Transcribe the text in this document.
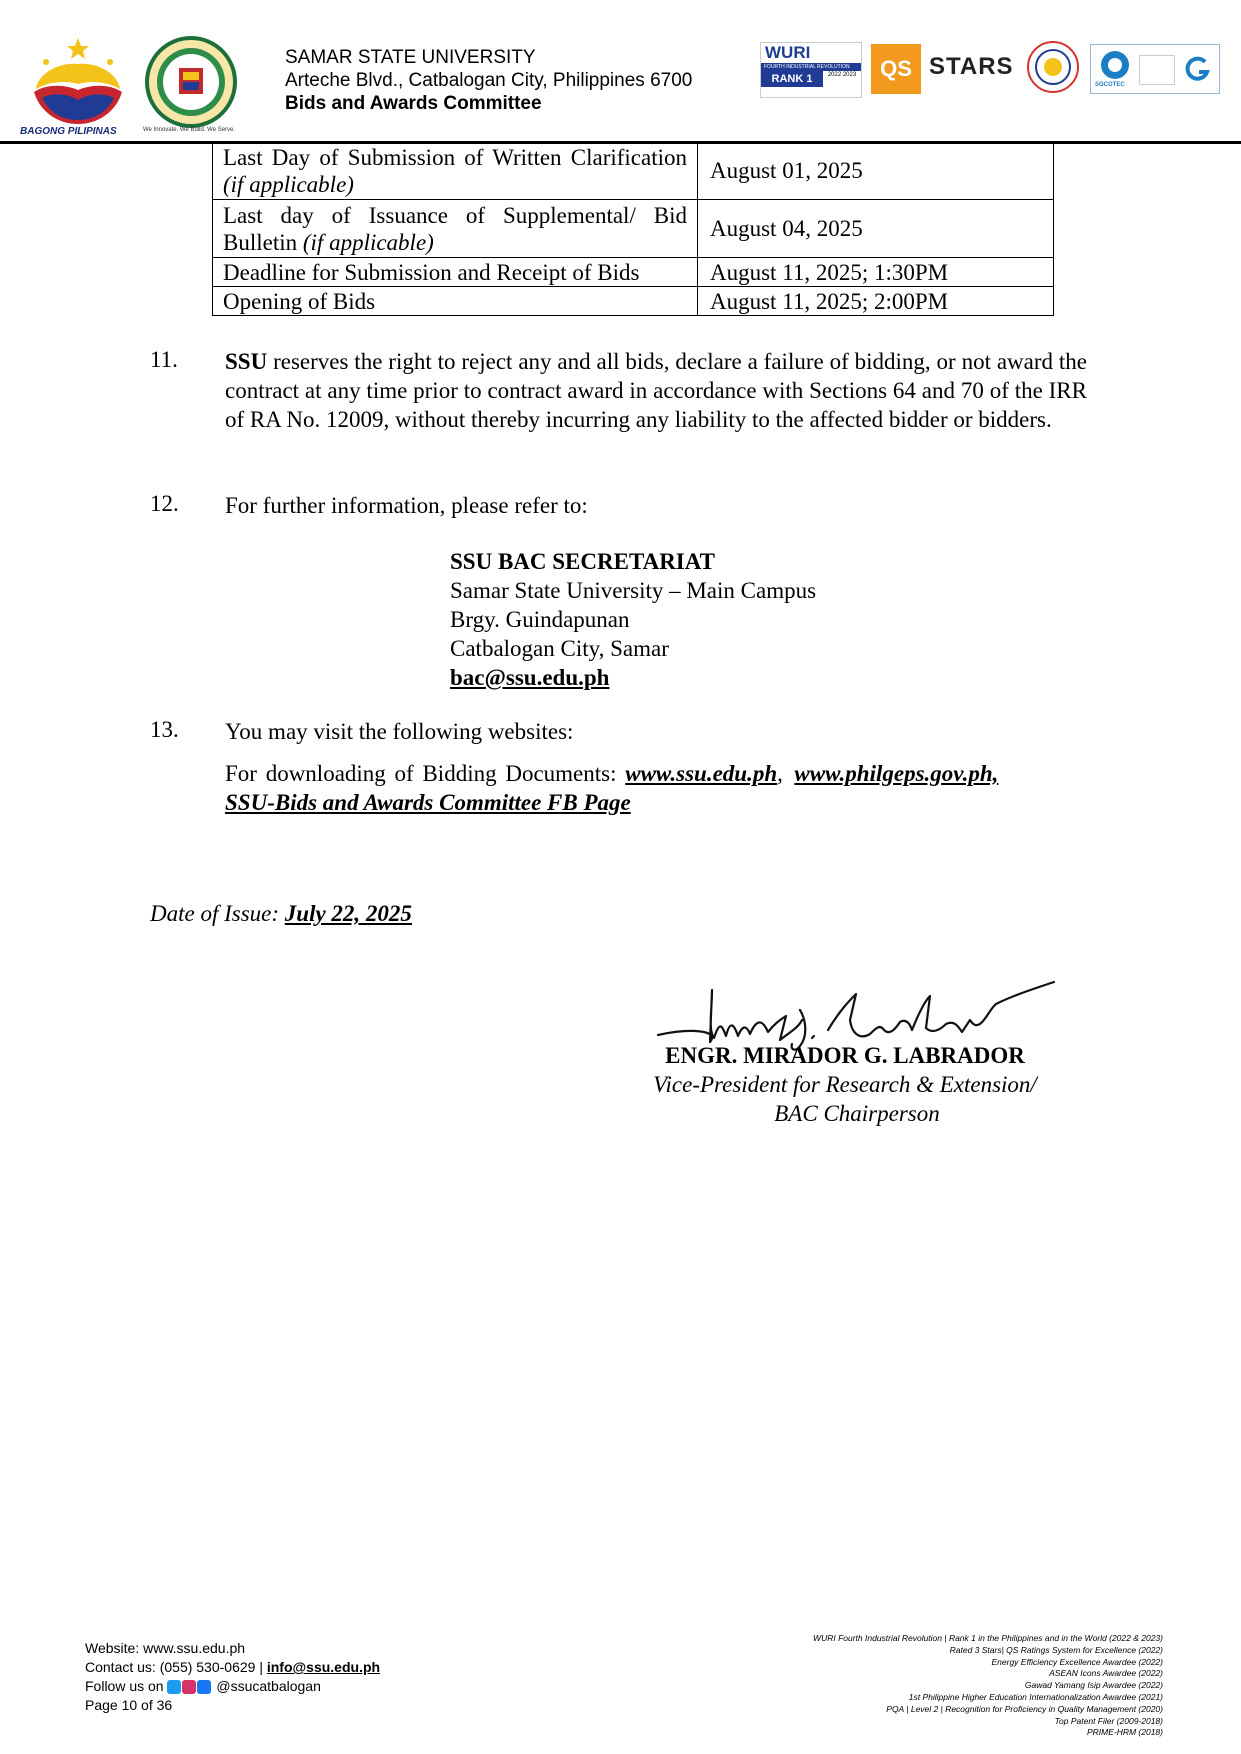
BAGONG PILIPINAS	We Innovate. We Build. We Serve.
SAMAR STATE UNIVERSITY
Arteche Blvd., Catbalogan City, Philippines 6700
Bids and Awards Committee
WURI
FOURTH INDUSTRIAL REVOLUTION
RANK 1	2022 2023	QS STARS
SOCOTEC
Last Day of Submission of Written Clarification (if applicable)	August 01, 2025
Last day of Issuance of Supplemental/ Bid Bulletin (if applicable)	August 04, 2025
Deadline for Submission and Receipt of Bids	August 11, 2025; 1:30PM
Opening of Bids	August 11, 2025; 2:00PM
11. SSU reserves the right to reject any and all bids, declare a failure of bidding, or not award the contract at any time prior to contract award in accordance with Sections 64 and 70 of the IRR of RA No. 12009, without thereby incurring any liability to the affected bidder or bidders.
12. For further information, please refer to:
SSU BAC SECRETARIAT
Samar State University – Main Campus
Brgy. Guindapunan
Catbalogan City, Samar
bac@ssu.edu.ph
13. You may visit the following websites:
For downloading of Bidding Documents: www.ssu.edu.ph, www.philgeps.gov.ph,
SSU-Bids and Awards Committee FB Page
Date of Issue: July 22, 2025
ENGR. MIRADOR G. LABRADOR
Vice-President for Research & Extension/
BAC Chairperson
Website: www.ssu.edu.ph
Contact us: (055) 530-0629 | info@ssu.edu.ph
Follow us on	@ssucatbalogan
Page 10 of 36
WURI Fourth Industrial Revolution | Rank 1 in the Philippines and in the World (2022 & 2023)
Rated 3 Stars| QS Ratings System for Excellence (2022)
Energy Efficiency Excellence Awardee (2022)
ASEAN Icons Awardee (2022)
Gawad Yamang Isip Awardee (2022)
1st Philippine Higher Education Internationalization Awardee (2021)
PQA | Level 2 | Recognition for Proficiency in Quality Management (2020)
Top Patent Filer (2009-2018)
PRIME-HRM (2018)
